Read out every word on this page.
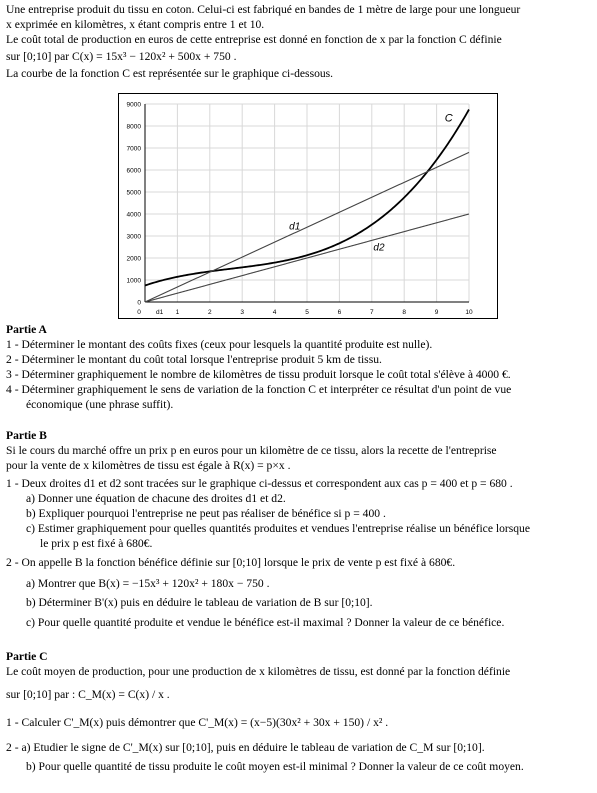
Une entreprise produit du tissu en coton. Celui-ci est fabriqué en bandes de 1 mètre de large pour une longueur
x exprimée en kilomètres, x étant compris entre 1 et 10.
Le coût total de production en euros de cette entreprise est donné en fonction de x par la fonction C définie
sur [0;10] par C(x) = 15x³ − 120x² + 500x + 750 .
La courbe de la fonction C est représentée sur le graphique ci-dessous.
0	1	2	3	4	5	6	7	8	9	10
d1
0
1000
2000
3000
4000
5000
6000
7000
8000
9000
C
d1
d2
Partie A
1 - Déterminer le montant des coûts fixes (ceux pour lesquels la quantité produite est nulle).
2 - Déterminer le montant du coût total lorsque l'entreprise produit 5 km de tissu.
3 - Déterminer graphiquement le nombre de kilomètres de tissu produit lorsque le coût total s'élève à 4000 €.
4 - Déterminer graphiquement le sens de variation de la fonction C et interpréter ce résultat d'un point de vue
économique (une phrase suffit).
Partie B
Si le cours du marché offre un prix p en euros pour un kilomètre de ce tissu, alors la recette de l'entreprise
pour la vente de x kilomètres de tissu est égale à R(x) = p×x .
1 - Deux droites d1 et d2 sont tracées sur le graphique ci-dessus et correspondent aux cas p = 400 et p = 680 .
a) Donner une équation de chacune des droites d1 et d2.
b) Expliquer pourquoi l'entreprise ne peut pas réaliser de bénéfice si p = 400 .
c) Estimer graphiquement pour quelles quantités produites et vendues l'entreprise réalise un bénéfice lorsque
le prix p est fixé à 680€.
2 - On appelle B la fonction bénéfice définie sur [0;10] lorsque le prix de vente p est fixé à 680€.
a) Montrer que B(x) = −15x³ + 120x² + 180x − 750 .
b) Déterminer B'(x) puis en déduire le tableau de variation de B sur [0;10].
c) Pour quelle quantité produite et vendue le bénéfice est-il maximal ? Donner la valeur de ce bénéfice.
Partie C
Le coût moyen de production, pour une production de x kilomètres de tissu, est donné par la fonction définie
sur [0;10] par : C_M(x) = C(x) / x .
1 - Calculer C'_M(x) puis démontrer que C'_M(x) = (x−5)(30x² + 30x + 150) / x² .
2 - a) Etudier le signe de C'_M(x) sur [0;10], puis en déduire le tableau de variation de C_M sur [0;10].
b) Pour quelle quantité de tissu produite le coût moyen est-il minimal ? Donner la valeur de ce coût moyen.
